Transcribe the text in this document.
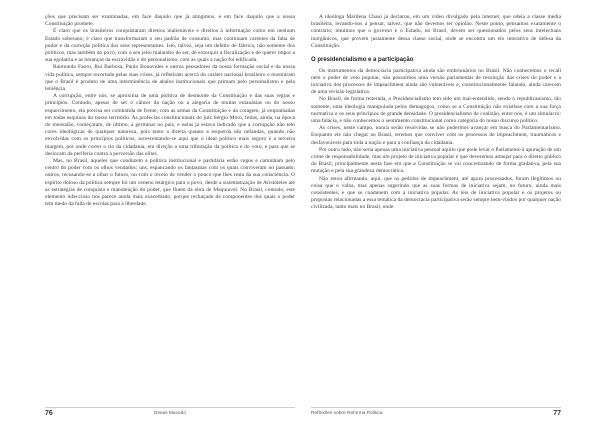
ções que precisam ser examinadas, em face daquilo que já atingimos, e em face daquilo que a nossa Constituição promete.

É claro que os brasileiros conquistaram direitos inalienáveis e direitos à informação como em nenhum Estado soberano; é claro que transformaram o seu padrão de consumo, mas continuam carentes da falta de pudor e da correção política dos seus representantes. Isto, talvez, seja um defeito de fábrica, não somente dos políticos, mas também do povo, com o seu jeito malandro de ser, de extorquir a fiscalização e de querer impor a sua egolatria e as heranças da escravidão e do personalismo, com as quais a nação foi edificada.

Raimundo Faoro, Rui Barbosa, Paulo Bonavides e outros pensadores da nossa formação social e da nossa vida política, sempre recortada pelas suas crises, já refletiram acerca do caráter nacional brasileiro e mostraram que o Brasil é produto de uma interminência de abalos institucionais que primam pelo personalismo e pela leniência.

A corrupção, entre nós, se aproxima de uma política de desmonte da Constituição e das suas regras e princípios. Contudo, apesar de ser o câncer da nação ou a alegoria de muitas eutanásias ou do nosso esquecimento, ela precisa ser combatida de frente, com as armas da Constituição e da coragem, já empunhadas em todas esquinas do nosso território. As profecias constitucionais do juiz Sérgio Moro, feitas, ainda, na época do mensalão, começaram, de último, a germinar no país, e nelas já estava indicado que a corrupção não tem cores ideológicas de qualquer natureza, pois tanto a direita quanto a esquerda são nefandas, quando não envolvidas com os princípios políticos, acrescentando-se aqui que o ideal político mais seguro é a terceira margem, por onde correr o rio da cidadania, em direção a uma tributação da política e do voto, e para que se deslocam da periferia contra a perversão das elites.

Mas, no Brasil, aqueles que conduzem a política institucional e partidária estão cegos e caminham pelo centro do poder com os olhos vendados: uns, espancando os fantasmas com os quais conviveram no passado; outros, recusando-se a olhar o futuro, ou com o receio de vender o pouco que lhes resta da sua consciência. O espírito doloso da política sempre foi um veneno letárgico para o povo, desde a sistematização de Aristóteles até as estratégias de conquista e manutenção do poder, que fluem da obra de Maquiavel. No Brasil, contudo, este elemento infeccioso nos parece ainda mais exacerbado, porque rechaçado de componentes dos quais o poder tem medo da falta de escolas para a liberdade.

76	Dimas Macedo

A ideóloga Marilena Chauí já declarou, em um vídeo divulgado pela internet, que odeia a classe média brasileira, levando-nos a pensar, talvez, que não devemos ter opinião. Neste ponto, pensamos exatamente o contrário; intuímos que o governo e o Estado, no Brasil, devem ser questionados pelos seus intelectuais inorgânicos, que provem justamente dessa classe social, onde se encontra um elo interativo de defesa da Constituição.

O presidencialismo e a participação

Os instrumentos da democracia participativa ainda são embrionários no Brasil. Não conhecemos o recall nem o poder de veto popular, não possuímos uma versão parlamentar de resolução das crises do poder e a iniciativa dos processos de impeachment ainda são vulneráveis e, constitucionalmente falando, ainda carecem de uma revisão legislativa.

No Brasil, de forma reiterada, o Presidencialismo tem sido um mal-entendido, sendo o republicanismo, tão somente, uma ideologia manipulada pelos demagogos, como se a Constituição não existisse com a sua força normativa e os seus princípios de grande densidade. O presidencialismo de coalizão, entre nós, é um simulacro: uma falácia, e não conhecemos o sentimento constitucional como categoria do nosso discurso político.

As crises, neste campo, nunca serão resolvidas se não pudermos avançar em busca do Parlamentarismo. Enquanto ele não chegar ao Brasil, teremos que conviver com os processos de impeachment, traumáticos e desfavoráveis para toda a nação e para a confiança da cidadania.

Por outro lado, não seria apenas uma iniciativa pessoal aquilo que pode levar o Parlamento à apuração de um crime de responsabilidade, mas um projeto de iniciativa popular é que deveremos almejar para o direito público do Brasil, principalmente nesta fase em que a Constituição se vai concretizando de forma gradativa, pela sua mutação e pela sua grandeza democrática.

Não estou afirmando, aqui, que os pedidos de impeachment, até agora processados, foram ilegítimos ou coisa que o valha, mas apenas sugerindo que as suas formas de iniciativa sejam, no futuro, ainda mais consistentes, e que se coadunem com a iniciativa popular. As leis de iniciativa popular e os projetos ou propostas relacionadas a essa temática da democracia participativa serão sempre bem-vindos por qualquer nação civilizada, tanto mais no Brasil, onde

Reflexões sobre Reforma Política	77
